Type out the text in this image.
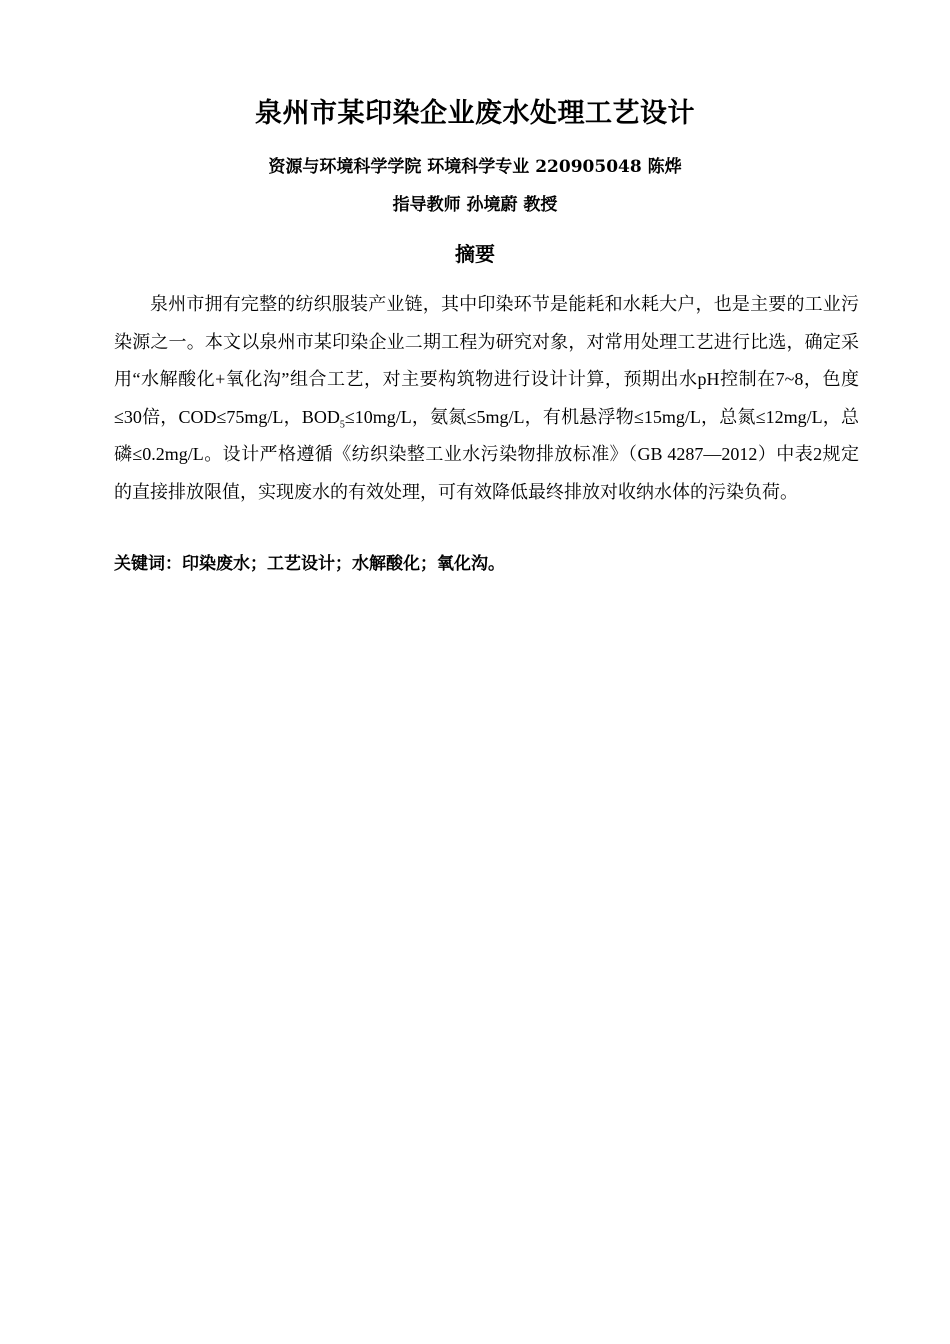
泉州市某印染企业废水处理工艺设计
资源与环境科学学院 环境科学专业 220905048 陈烨
指导教师 孙境蔚 教授
摘要

泉州市拥有完整的纺织服装产业链，其中印染环节是能耗和水耗大户，也是主要的工业污染源之一。本文以泉州市某印染企业二期工程为研究对象，对常用处理工艺进行比选，确定采用“水解酸化+氧化沟”组合工艺，对主要构筑物进行设计计算，预期出水pH控制在7~8，色度≤30倍，COD≤75mg/L，$BOD_5\le 10mg/L$，氨氮≤5mg/L，有机悬浮物≤15mg/L，总氮≤12mg/L，总磷≤0.2mg/L。设计严格遵循《纺织染整工业水污染物排放标准》（GB 4287—2012）中表2规定的直接排放限值，实现废水的有效处理，可有效降低最终排放对收纳水体的污染负荷。

关键词：印染废水；工艺设计；水解酸化；氧化沟。
